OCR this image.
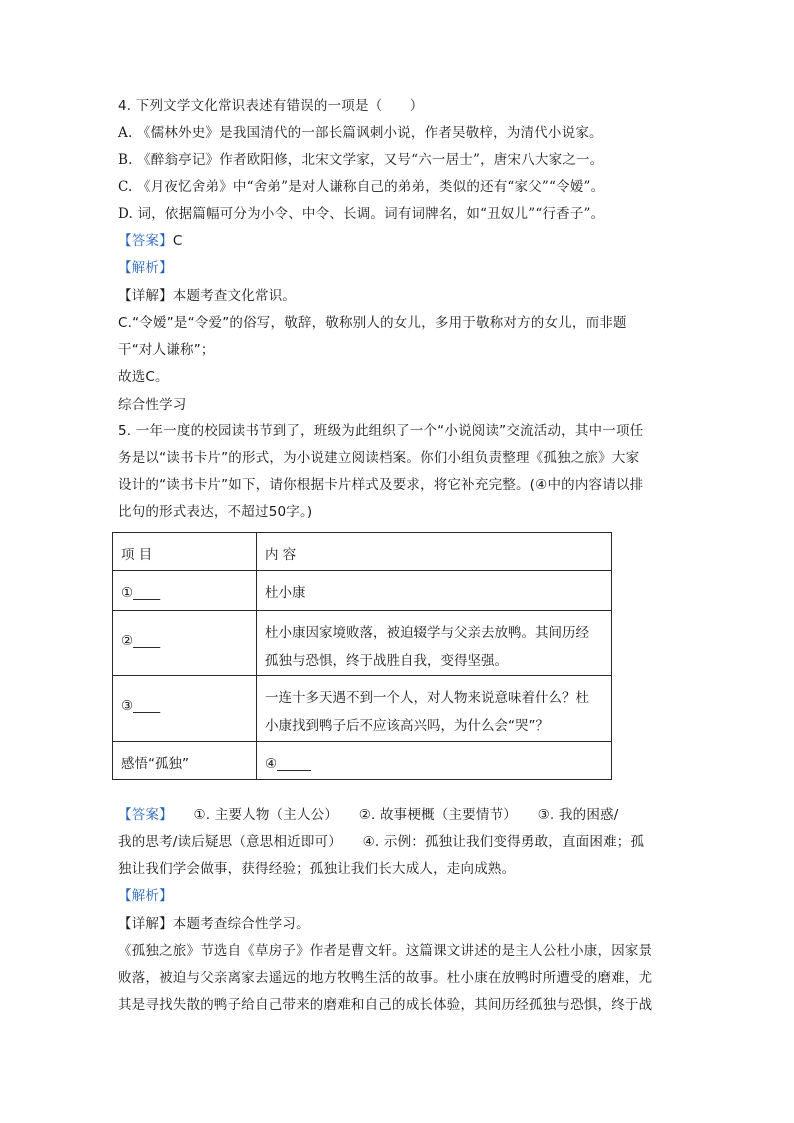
4. 下列文学文化常识表述有错误的一项是（　　）
A. 《儒林外史》是我国清代的一部长篇讽刺小说，作者吴敬梓，为清代小说家。
B. 《醉翁亭记》作者欧阳修，北宋文学家，又号“六一居士”，唐宋八大家之一。
C. 《月夜忆舍弟》中“舍弟”是对人谦称自己的弟弟，类似的还有“家父”“令嫒”。
D. 词，依据篇幅可分为小令、中令、长调。词有词牌名，如“丑奴儿”“行香子”。
【答案】C
【解析】
【详解】本题考查文化常识。
C.“令嫒”是“令爱”的俗写，敬辞，敬称别人的女儿，多用于敬称对方的女儿，而非题
干“对人谦称”；
故选C。
综合性学习
5. 一年一度的校园读书节到了，班级为此组织了一个“小说阅读”交流活动，其中一项任
务是以“读书卡片”的形式，为小说建立阅读档案。你们小组负责整理《孤独之旅》大家
设计的“读书卡片”如下，请你根据卡片样式及要求，将它补充完整。(④中的内容请以排
比句的形式表达，不超过50字。)
项 目	内 容
①____	杜小康
②____	杜小康因家境败落，被迫辍学与父亲去放鸭。其间历经
孤独与恐惧，终于战胜自我，变得坚强。

③____	一连十多天遇不到一个人，对人物来说意味着什么？杜
小康找到鸭子后不应该高兴吗，为什么会“哭”？

感悟“孤独”	④_____
【答案】　　①. 主要人物（主人公）　　②. 故事梗概（主要情节）　　③. 我的困惑/
我的思考/读后疑思（意思相近即可）　　④. 示例：孤独让我们变得勇敢，直面困难；孤
独让我们学会做事，获得经验；孤独让我们长大成人，走向成熟。
【解析】
【详解】本题考查综合性学习。
《孤独之旅》节选自《草房子》作者是曹文轩。这篇课文讲述的是主人公杜小康，因家景
败落，被迫与父亲离家去遥远的地方牧鸭生活的故事。杜小康在放鸭时所遭受的磨难，尤
其是寻找失散的鸭子给自己带来的磨难和自己的成长体验，其间历经孤独与恐惧，终于战
